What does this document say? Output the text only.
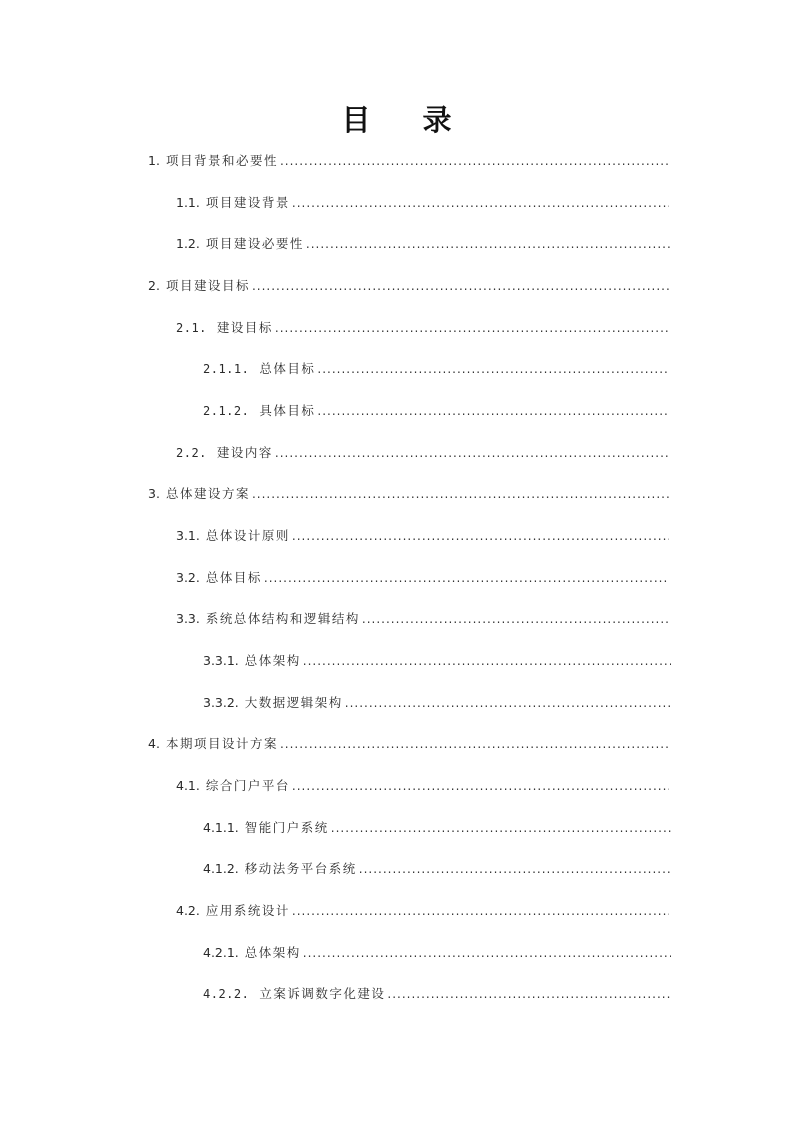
目 录
1. 项目背景和必要性
.....
1.1. 项目建设背景
.....
1.2. 项目建设必要性
.....
2. 项目建设目标
.....
2.1. 建设目标
.....
2.1.1. 总体目标
.....
2.1.2. 具体目标
.....
2.2. 建设内容
.....
3. 总体建设方案
.....
3.1. 总体设计原则
.....
3.2. 总体目标
.....
3.3. 系统总体结构和逻辑结构
.....
3.3.1. 总体架构
.....
3.3.2. 大数据逻辑架构
.....
4. 本期项目设计方案
.....
4.1. 综合门户平台
.....
4.1.1. 智能门户系统
.....
4.1.2. 移动法务平台系统
.....
4.2. 应用系统设计
.....
4.2.1. 总体架构
.....
4.2.2. 立案诉调数字化建设
.....
